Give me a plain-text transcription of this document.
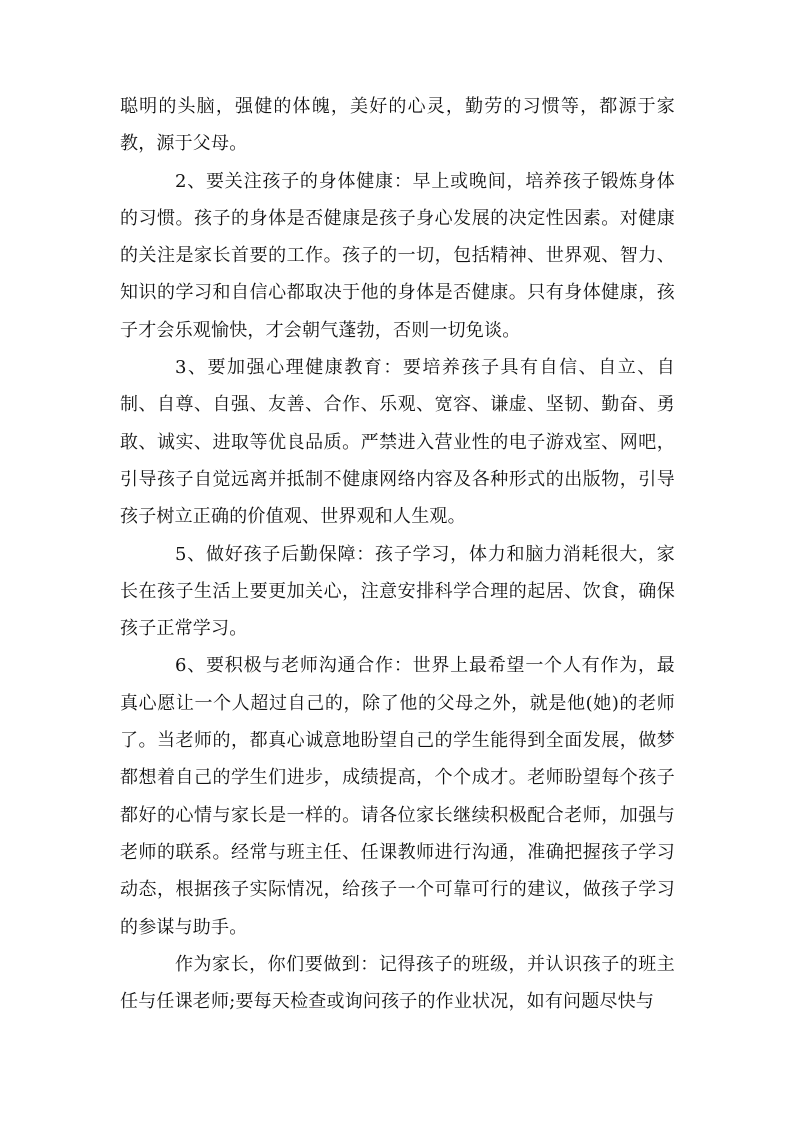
聪明的头脑，强健的体魄，美好的心灵，勤劳的习惯等，都源于家教，源于父母。

2、要关注孩子的身体健康：早上或晚间，培养孩子锻炼身体的习惯。孩子的身体是否健康是孩子身心发展的决定性因素。对健康的关注是家长首要的工作。孩子的一切，包括精神、世界观、智力、知识的学习和自信心都取决于他的身体是否健康。只有身体健康，孩子才会乐观愉快，才会朝气蓬勃，否则一切免谈。

3、要加强心理健康教育：要培养孩子具有自信、自立、自制、自尊、自强、友善、合作、乐观、宽容、谦虚、坚韧、勤奋、勇敢、诚实、进取等优良品质。严禁进入营业性的电子游戏室、网吧，引导孩子自觉远离并抵制不健康网络内容及各种形式的出版物，引导孩子树立正确的价值观、世界观和人生观。

5、做好孩子后勤保障：孩子学习，体力和脑力消耗很大，家长在孩子生活上要更加关心，注意安排科学合理的起居、饮食，确保孩子正常学习。

6、要积极与老师沟通合作：世界上最希望一个人有作为，最真心愿让一个人超过自己的，除了他的父母之外，就是他(她)的老师了。当老师的，都真心诚意地盼望自己的学生能得到全面发展，做梦都想着自己的学生们进步，成绩提高，个个成才。老师盼望每个孩子都好的心情与家长是一样的。请各位家长继续积极配合老师，加强与老师的联系。经常与班主任、任课教师进行沟通，准确把握孩子学习动态，根据孩子实际情况，给孩子一个可靠可行的建议，做孩子学习的参谋与助手。

作为家长，你们要做到：记得孩子的班级，并认识孩子的班主任与任课老师;要每天检查或询问孩子的作业状况，如有问题尽快与
